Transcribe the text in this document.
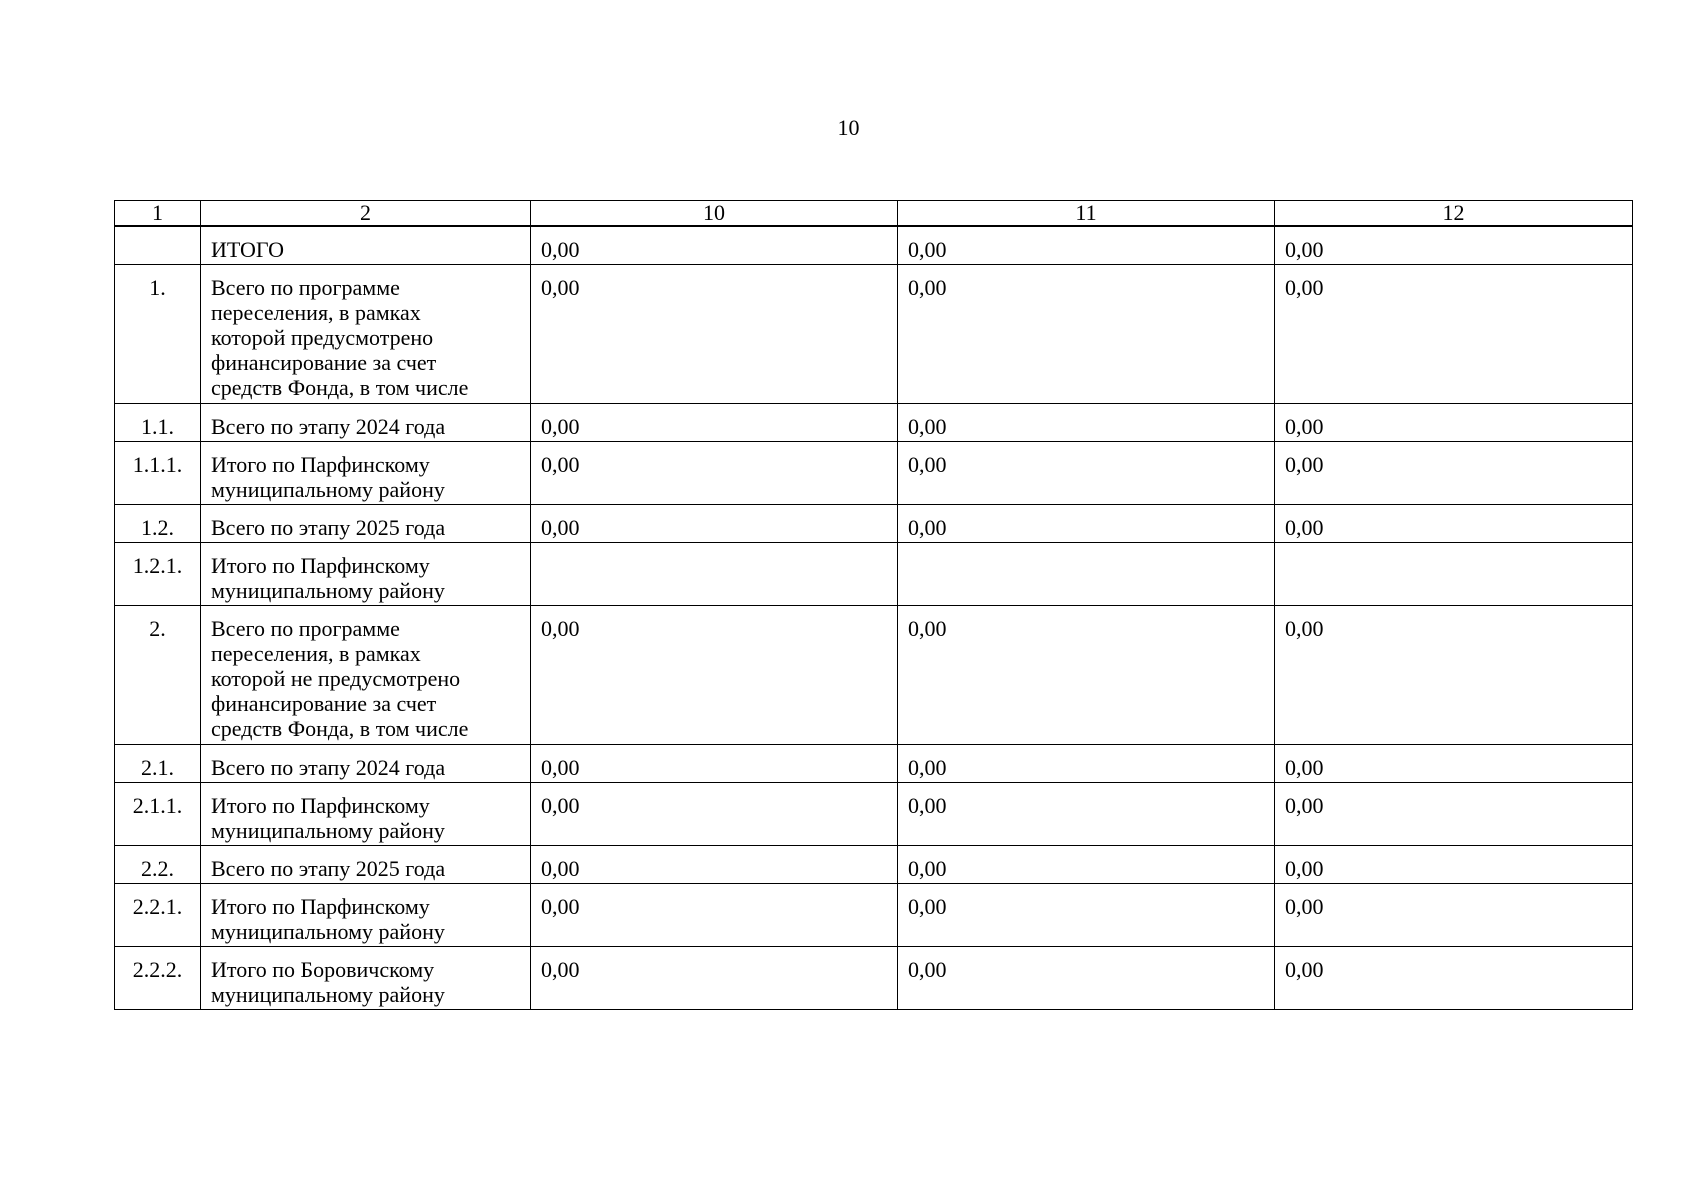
10
1	2	10	11	12

	ИТОГО	0,00	0,00	0,00
1.	Всего по программе
переселения, в рамках
которой предусмотрено
финансирование за счет
средств Фонда, в том числе	0,00	0,00	0,00
1.1.	Всего по этапу 2024 года	0,00	0,00	0,00
1.1.1.	Итого по Парфинскому
муниципальному району	0,00	0,00	0,00
1.2.	Всего по этапу 2025 года	0,00	0,00	0,00
1.2.1.	Итого по Парфинскому
муниципальному району			

2.	Всего по программе
переселения, в рамках
которой не предусмотрено
финансирование за счет
средств Фонда, в том числе	0,00	0,00	0,00
2.1.	Всего по этапу 2024 года	0,00	0,00	0,00
2.1.1.	Итого по Парфинскому
муниципальному району	0,00	0,00	0,00
2.2.	Всего по этапу 2025 года	0,00	0,00	0,00
2.2.1.	Итого по Парфинскому
муниципальному району	0,00	0,00	0,00
2.2.2.	Итого по Боровичскому
муниципальному району	0,00	0,00	0,00
